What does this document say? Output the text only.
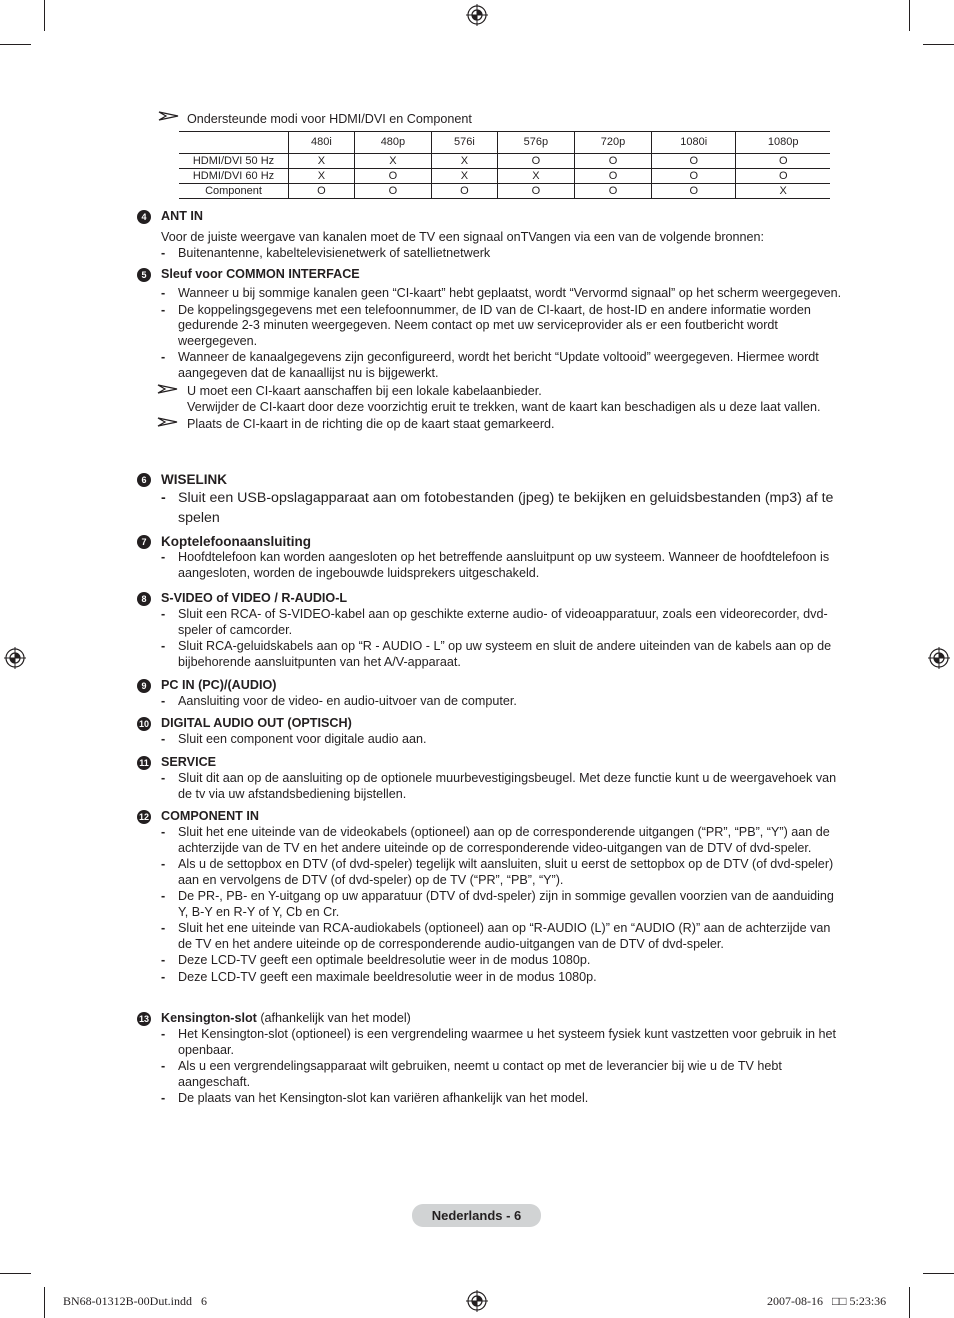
Ondersteunde modi voor HDMI/DVI en Component
	480i	480p	576i	576p	720p	1080i	1080p
HDMI/DVI 50 Hz	X	X	X	O	O	O	O
HDMI/DVI 60 Hz	X	O	X	X	O	O	O
Component	O	O	O	O	O	O	X
4	ANT IN
Voor de juiste weergave van kanalen moet de TV een signaal onTVangen via een van de volgende bronnen:
- Buitenantenne, kabeltelevisienetwerk of satellietnetwerk
5	Sleuf voor COMMON INTERFACE
- Wanneer u bij sommige kanalen geen “CI-kaart” hebt geplaatst, wordt “Vervormd signaal” op het scherm weergegeven.
- De koppelingsgegevens met een telefoonnummer, de ID van de CI-kaart, de host-ID en andere informatie worden gedurende 2-3 minuten weergegeven. Neem contact op met uw serviceprovider als er een foutbericht wordt weergegeven.
- Wanneer de kanaalgegevens zijn geconfigureerd, wordt het bericht “Update voltooid” weergegeven. Hiermee wordt aangegeven dat de kanaallijst nu is bijgewerkt.
U moet een CI-kaart aanschaffen bij een lokale kabelaanbieder.
Verwijder de CI-kaart door deze voorzichtig eruit te trekken, want de kaart kan beschadigen als u deze laat vallen.
Plaats de CI-kaart in de richting die op de kaart staat gemarkeerd.
6	WISELINK
- Sluit een USB-opslagapparaat aan om fotobestanden (jpeg) te bekijken en geluidsbestanden (mp3) af te spelen
7	Koptelefoonaansluiting
- Hoofdtelefoon kan worden aangesloten op het betreffende aansluitpunt op uw systeem. Wanneer de hoofdtelefoon is aangesloten, worden de ingebouwde luidsprekers uitgeschakeld.
8	S-VIDEO of VIDEO / R-AUDIO-L
- Sluit een RCA- of S-VIDEO-kabel aan op geschikte externe audio- of videoapparatuur, zoals een videorecorder, dvd-speler of camcorder.
- Sluit RCA-geluidskabels aan op “R - AUDIO - L” op uw systeem en sluit de andere uiteinden van de kabels aan op de bijbehorende aansluitpunten van het A/V-apparaat.
9	PC IN (PC)/(AUDIO)
- Aansluiting voor de video- en audio-uitvoer van de computer.
10 DIGITAL AUDIO OUT (OPTISCH)
- Sluit een component voor digitale audio aan.
11 SERVICE
- Sluit dit aan op de aansluiting op de optionele muurbevestigingsbeugel. Met deze functie kunt u de weergavehoek van de tv via uw afstandsbediening bijstellen.
12 COMPONENT IN
- Sluit het ene uiteinde van de videokabels (optioneel) aan op de corresponderende uitgangen (“PR”, “PB”, “Y”) aan de achterzijde van de TV en het andere uiteinde op de corresponderende video-uitgangen van de DTV of dvd-speler.
- Als u de settopbox en DTV (of dvd-speler) tegelijk wilt aansluiten, sluit u eerst de settopbox op de DTV (of dvd-speler) aan en vervolgens de DTV (of dvd-speler) op de TV (“PR”, “PB”, “Y”).
- De PR-, PB- en Y-uitgang op uw apparatuur (DTV of dvd-speler) zijn in sommige gevallen voorzien van de aanduiding Y, B-Y en R-Y of Y, Cb en Cr.
- Sluit het ene uiteinde van RCA-audiokabels (optioneel) aan op “R-AUDIO (L)” en “AUDIO (R)” aan de achterzijde van de TV en het andere uiteinde op de corresponderende audio-uitgangen van de DTV of dvd-speler.
- Deze LCD-TV geeft een optimale beeldresolutie weer in de modus 1080p.
- Deze LCD-TV geeft een maximale beeldresolutie weer in de modus 1080p.
13 Kensington-slot (afhankelijk van het model)
- Het Kensington-slot (optioneel) is een vergrendeling waarmee u het systeem fysiek kunt vastzetten voor gebruik in het openbaar.
- Als u een vergrendelingsapparaat wilt gebruiken, neemt u contact op met de leverancier bij wie u de TV hebt aangeschaft.
- De plaats van het Kensington-slot kan variëren afhankelijk van het model.
Nederlands - 6
BN68-01312B-00Dut.indd   6	2007-08-16   □□ 5:23:36
